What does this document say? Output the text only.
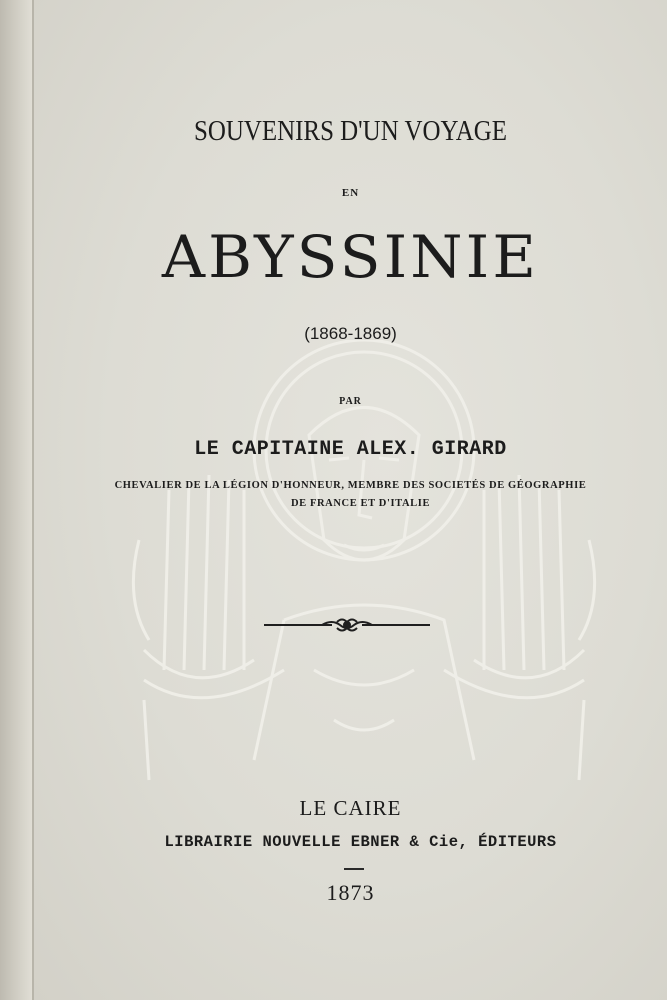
SOUVENIRS D'UN VOYAGE
EN
ABYSSINIE
(1868-1869)
PAR
LE CAPITAINE ALEX. GIRARD
CHEVALIER DE LA LÉGION D'HONNEUR, MEMBRE DES SOCIETÉS DE GÉOGRAPHIE
DE FRANCE ET D'ITALIE
LE CAIRE
LIBRAIRIE NOUVELLE EBNER & Cie, ÉDITEURS
1873
